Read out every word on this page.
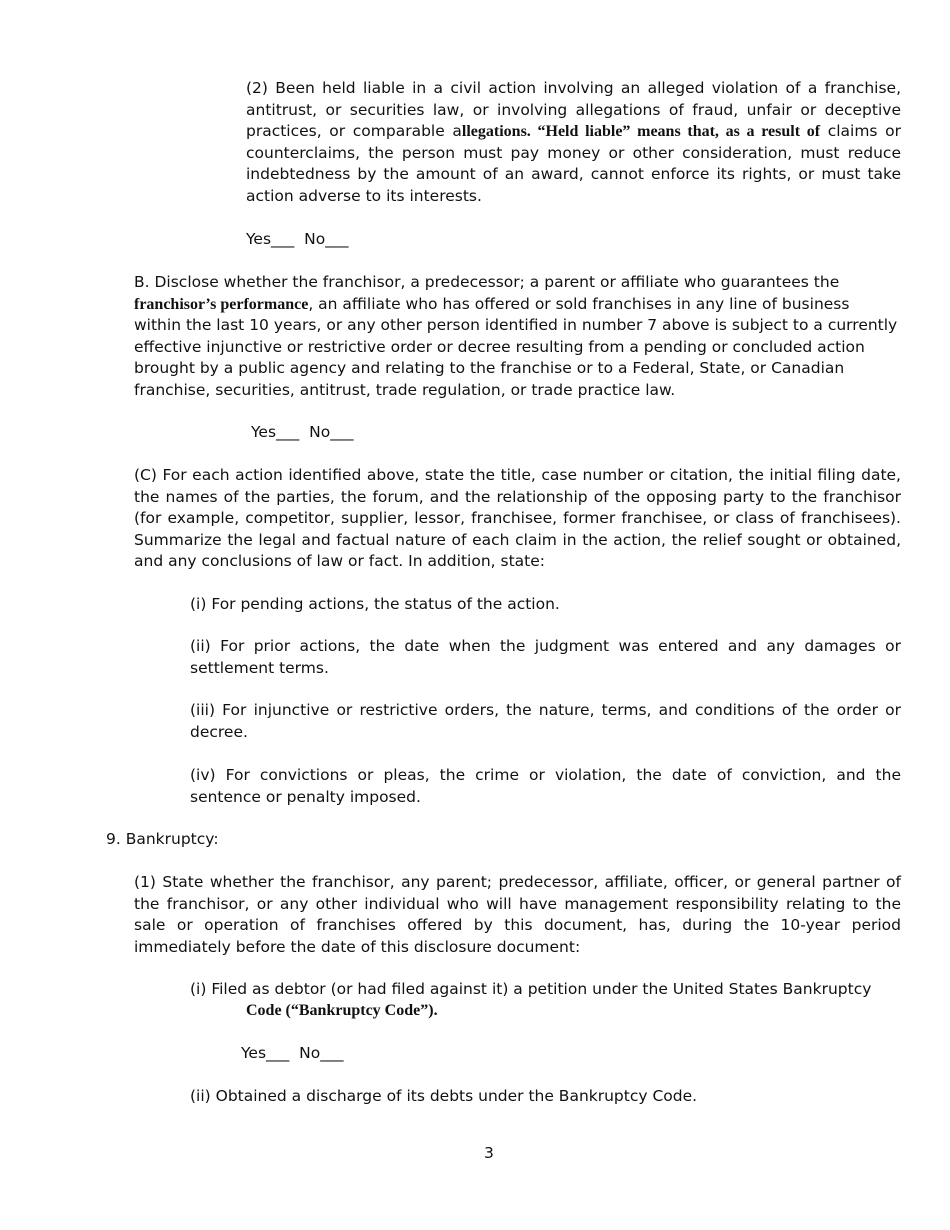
(2) Been held liable in a civil action involving an alleged violation of a franchise, antitrust, or securities law, or involving allegations of fraud, unfair or deceptive practices, or comparable allegations. “Held liable” means that, as a result of claims or counterclaims, the person must pay money or other consideration, must reduce indebtedness by the amount of an award, cannot enforce its rights, or must take action adverse to its interests.
Yes___  No___
B. Disclose whether the franchisor, a predecessor; a parent or affiliate who guarantees the franchisor’s performance, an affiliate who has offered or sold franchises in any line of business within the last 10 years, or any other person identified in number 7 above is subject to a currently effective injunctive or restrictive order or decree resulting from a pending or concluded action brought by a public agency and relating to the franchise or to a Federal, State, or Canadian franchise, securities, antitrust, trade regulation, or trade practice law.
Yes___  No___
(C) For each action identified above, state the title, case number or citation, the initial filing date, the names of the parties, the forum, and the relationship of the opposing party to the franchisor (for example, competitor, supplier, lessor, franchisee, former franchisee, or class of franchisees). Summarize the legal and factual nature of each claim in the action, the relief sought or obtained, and any conclusions of law or fact. In addition, state:
(i) For pending actions, the status of the action.
(ii) For prior actions, the date when the judgment was entered and any damages or settlement terms.
(iii) For injunctive or restrictive orders, the nature, terms, and conditions of the order or decree.
(iv) For convictions or pleas, the crime or violation, the date of conviction, and the sentence or penalty imposed.
9. Bankruptcy:
(1) State whether the franchisor, any parent; predecessor, affiliate, officer, or general partner of the franchisor, or any other individual who will have management responsibility relating to the sale or operation of franchises offered by this document, has, during the 10-year period immediately before the date of this disclosure document:
(i) Filed as debtor (or had filed against it) a petition under the United States Bankruptcy
Code (“Bankruptcy Code”).
Yes___  No___
(ii) Obtained a discharge of its debts under the Bankruptcy Code.
3
